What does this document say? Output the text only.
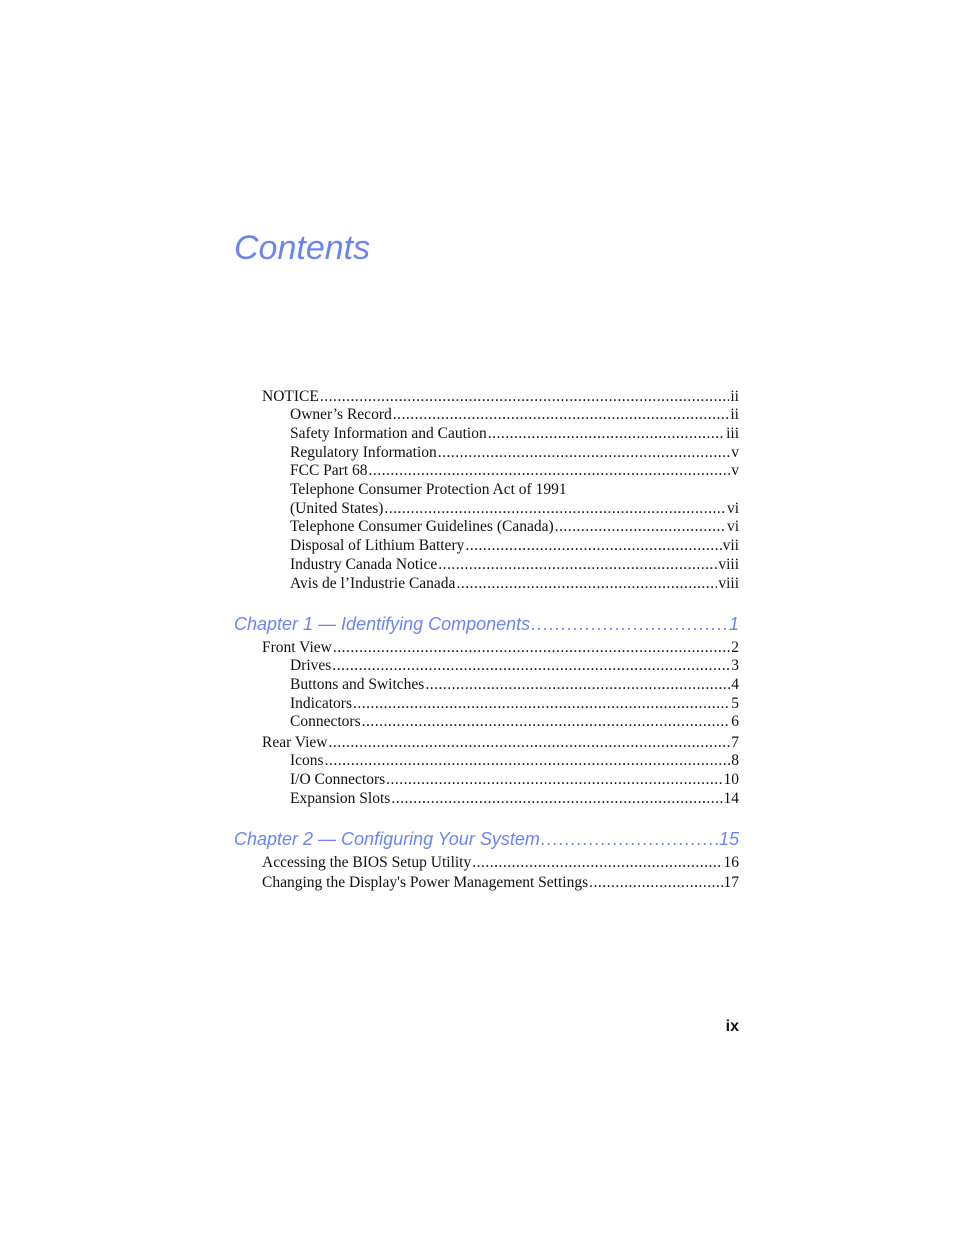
Contents
NOTICE .....	ii
Owner’s Record .....	ii
Safety Information and Caution .....	iii
Regulatory Information .....	v
FCC Part 68 .....	v
Telephone Consumer Protection Act of 1991
(United States) .....	vi
Telephone Consumer Guidelines (Canada) .....	vi
Disposal of Lithium Battery .....	vii
Industry Canada Notice .....	viii
Avis de l’Industrie Canada .....	viii
Chapter 1 — Identifying Components .....	1
Front View .....	2
Drives .....	3
Buttons and Switches .....	4
Indicators .....	5
Connectors .....	6
Rear View .....	7
Icons .....	8
I/O Connectors .....	10
Expansion Slots .....	14
Chapter 2 — Configuring Your System .....	15
Accessing the BIOS Setup Utility .....	16
Changing the Display's Power Management Settings .....	17
ix
